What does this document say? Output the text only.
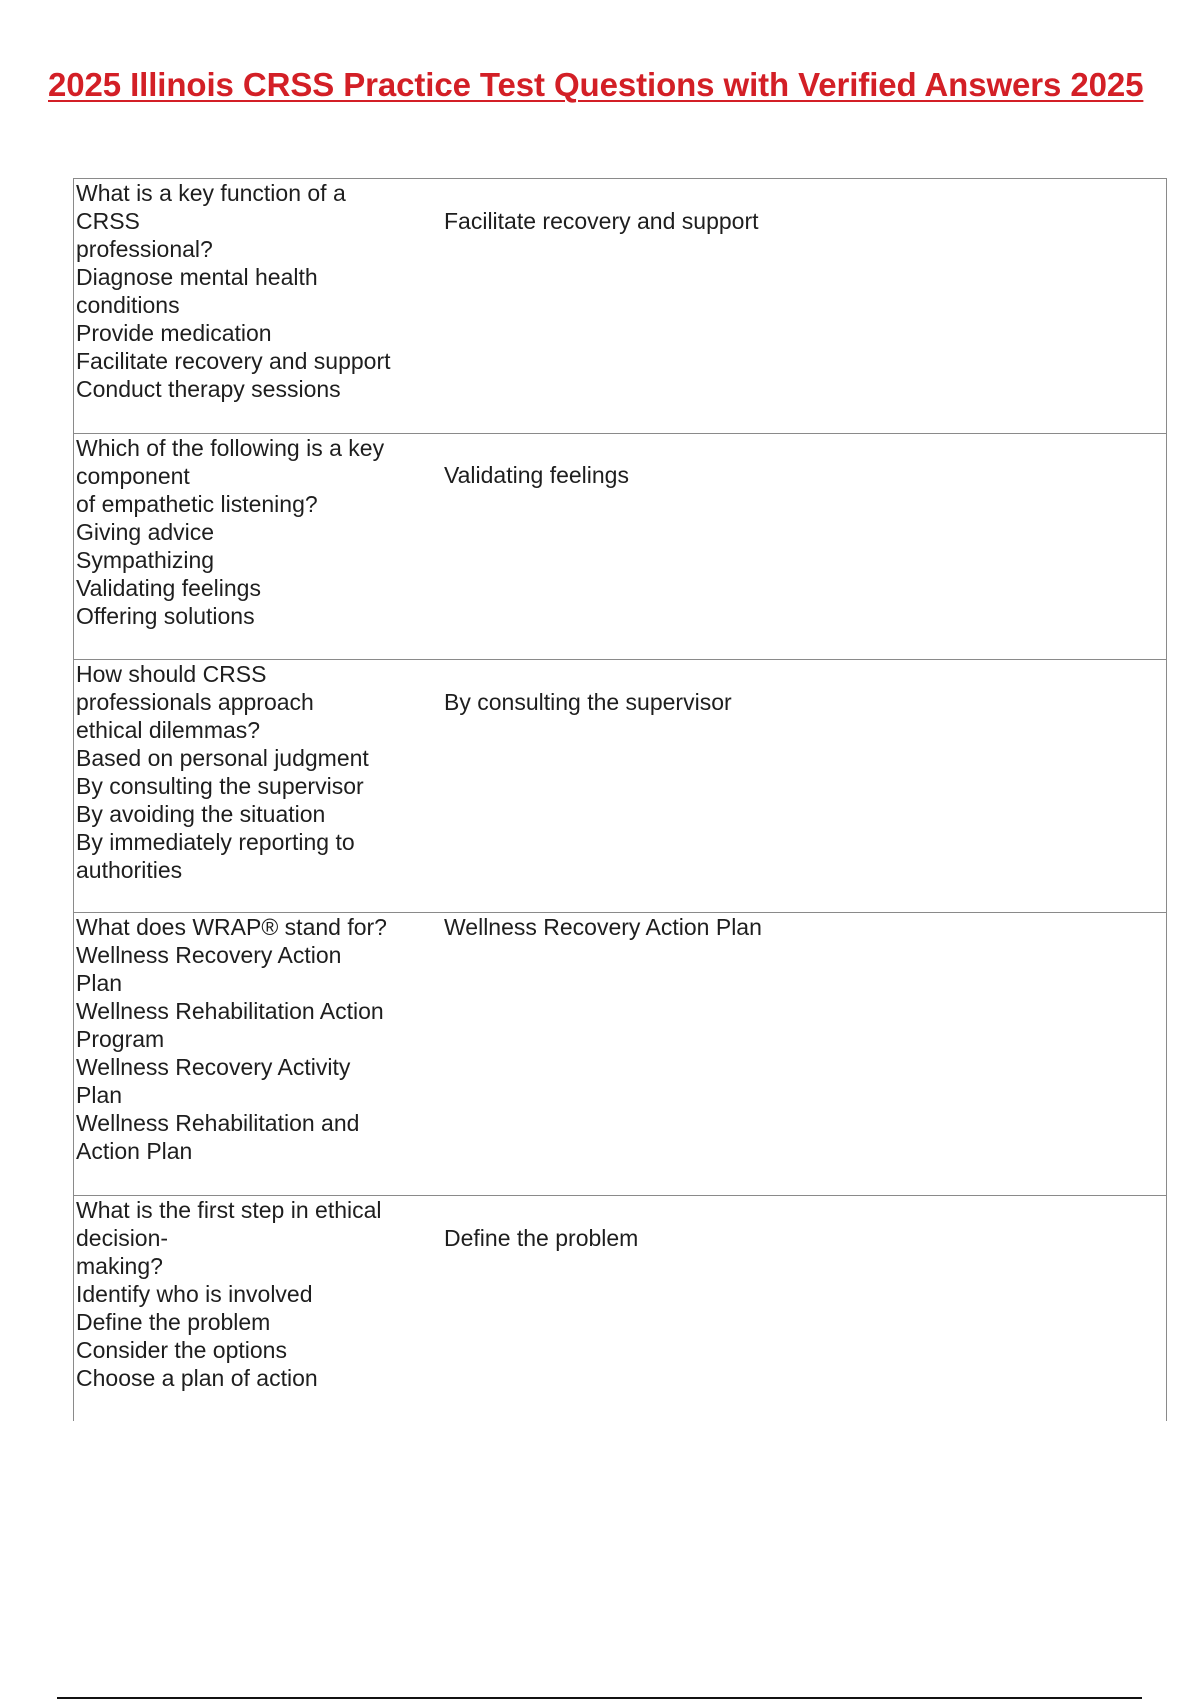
2025 Illinois CRSS Practice Test Questions with Verified Answers 2025
What is a key function of a
CRSS
professional?
Diagnose mental health
conditions
Provide medication
Facilitate recovery and support
Conduct therapy sessions
Facilitate recovery and support
Which of the following is a key
component
of empathetic listening?
Giving advice
Sympathizing
Validating feelings
Offering solutions
Validating feelings
How should CRSS
professionals approach
ethical dilemmas?
Based on personal judgment
By consulting the supervisor
By avoiding the situation
By immediately reporting to
authorities
By consulting the supervisor
What does WRAP® stand for?
Wellness Recovery Action
Plan
Wellness Rehabilitation Action
Program
Wellness Recovery Activity
Plan
Wellness Rehabilitation and
Action Plan
Wellness Recovery Action Plan
What is the first step in ethical
decision-
making?
Identify who is involved
Define the problem
Consider the options
Choose a plan of action
Define the problem
